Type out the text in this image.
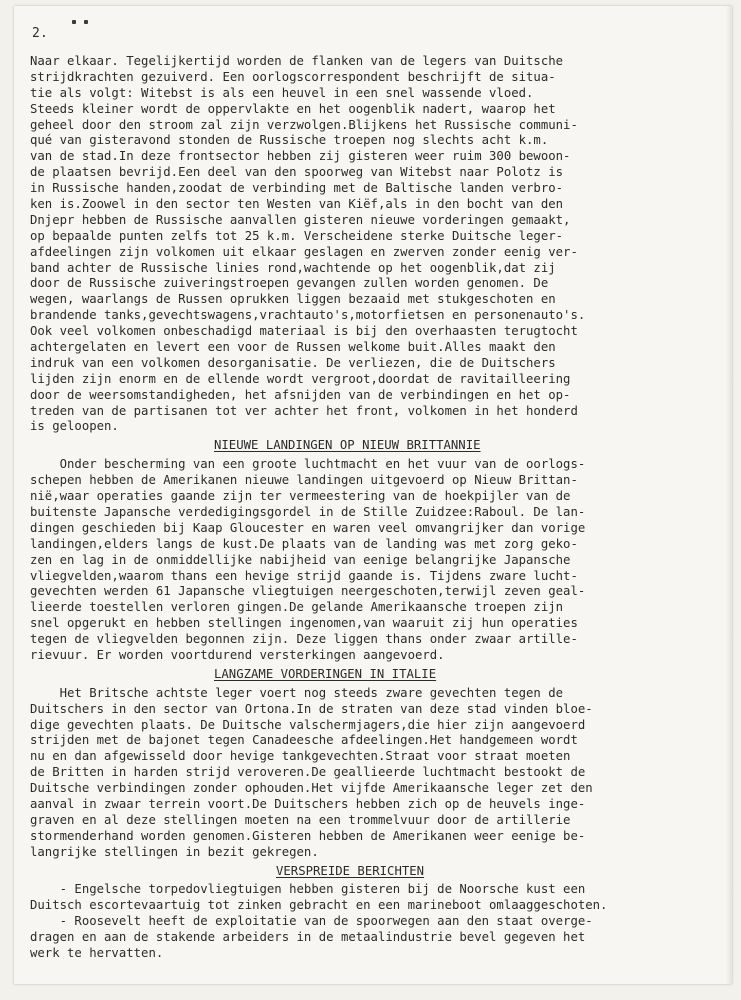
2.
Naar elkaar. Tegelijkertijd worden de flanken van de legers van Duitsche
strijdkrachten gezuiverd. Een oorlogscorrespondent beschrijft de situa-
tie als volgt: Witebst is als een heuvel in een snel wassende vloed.
Steeds kleiner wordt de oppervlakte en het oogenblik nadert, waarop het
geheel door den stroom zal zijn verzwolgen.Blijkens het Russische communi-
qué van gisteravond stonden de Russische troepen nog slechts acht k.m.
van de stad.In deze frontsector hebben zij gisteren weer ruim 300 bewoon-
de plaatsen bevrijd.Een deel van den spoorweg van Witebst naar Polotz is
in Russische handen,zoodat de verbinding met de Baltische landen verbro-
ken is.Zoowel in den sector ten Westen van Kiëf,als in den bocht van den
Dnjepr hebben de Russische aanvallen gisteren nieuwe vorderingen gemaakt,
op bepaalde punten zelfs tot 25 k.m. Verscheidene sterke Duitsche leger-
afdeelingen zijn volkomen uit elkaar geslagen en zwerven zonder eenig ver-
band achter de Russische linies rond,wachtende op het oogenblik,dat zij
door de Russische zuiveringstroepen gevangen zullen worden genomen. De
wegen, waarlangs de Russen oprukken liggen bezaaid met stukgeschoten en
brandende tanks,gevechtswagens,vrachtauto's,motorfietsen en personenauto's.
Ook veel volkomen onbeschadigd materiaal is bij den overhaasten terugtocht
achtergelaten en levert een voor de Russen welkome buit.Alles maakt den
indruk van een volkomen desorganisatie. De verliezen, die de Duitschers
lijden zijn enorm en de ellende wordt vergroot,doordat de ravitailleering
door de weersomstandigheden, het afsnijden van de verbindingen en het op-
treden van de partisanen tot ver achter het front, volkomen in het honderd
is geloopen.
NIEUWE LANDINGEN OP NIEUW BRITTANNIE
Onder bescherming van een groote luchtmacht en het vuur van de oorlogs-
schepen hebben de Amerikanen nieuwe landingen uitgevoerd op Nieuw Brittan-
nië,waar operaties gaande zijn ter vermeestering van de hoekpijler van de
buitenste Japansche verdedigingsgordel in de Stille Zuidzee:Raboul. De lan-
dingen geschieden bij Kaap Gloucester en waren veel omvangrijker dan vorige
landingen,elders langs de kust.De plaats van de landing was met zorg geko-
zen en lag in de onmiddellijke nabijheid van eenige belangrijke Japansche
vliegvelden,waarom thans een hevige strijd gaande is. Tijdens zware lucht-
gevechten werden 61 Japansche vliegtuigen neergeschoten,terwijl zeven geal-
lieerde toestellen verloren gingen.De gelande Amerikaansche troepen zijn
snel opgerukt en hebben stellingen ingenomen,van waaruit zij hun operaties
tegen de vliegvelden begonnen zijn. Deze liggen thans onder zwaar artille-
rievuur. Er worden voortdurend versterkingen aangevoerd.
LANGZAME VORDERINGEN IN ITALIE
Het Britsche achtste leger voert nog steeds zware gevechten tegen de
Duitschers in den sector van Ortona.In de straten van deze stad vinden bloe-
dige gevechten plaats. De Duitsche valschermjagers,die hier zijn aangevoerd
strijden met de bajonet tegen Canadeesche afdeelingen.Het handgemeen wordt
nu en dan afgewisseld door hevige tankgevechten.Straat voor straat moeten
de Britten in harden strijd veroveren.De geallieerde luchtmacht bestookt de
Duitsche verbindingen zonder ophouden.Het vijfde Amerikaansche leger zet den
aanval in zwaar terrein voort.De Duitschers hebben zich op de heuvels inge-
graven en al deze stellingen moeten na een trommelvuur door de artillerie
stormenderhand worden genomen.Gisteren hebben de Amerikanen weer eenige be-
langrijke stellingen in bezit gekregen.
VERSPREIDE BERICHTEN
- Engelsche torpedovliegtuigen hebben gisteren bij de Noorsche kust een
Duitsch escortevaartuig tot zinken gebracht en een marineboot omlaaggeschoten.
- Roosevelt heeft de exploitatie van de spoorwegen aan den staat overge-
dragen en aan de stakende arbeiders in de metaalindustrie bevel gegeven het
werk te hervatten.
